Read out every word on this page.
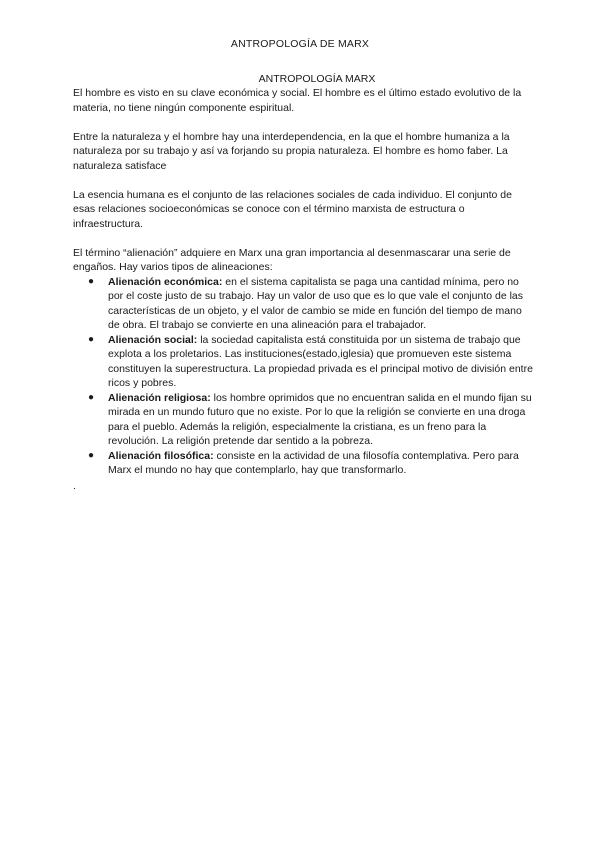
ANTROPOLOGÍA DE MARX
ANTROPOLOGÍA MARX

El hombre es visto en su clave económica y social. El hombre es el último estado evolutivo de la materia, no tiene ningún componente espiritual.

Entre la naturaleza y el hombre hay una interdependencia, en la que el hombre humaniza a la naturaleza por su trabajo y así va forjando su propia naturaleza. El hombre es homo faber. La naturaleza satisface

La esencia humana es el conjunto de las relaciones sociales de cada individuo. El conjunto de esas relaciones socioeconómicas se conoce con el término marxista de estructura o infraestructura.

El término “alienación” adquiere en Marx una gran importancia al desenmascarar una serie de engaños. Hay varios tipos de alineaciones:

● Alienación económica: en el sistema capitalista se paga una cantidad mínima, pero no por el coste justo de su trabajo. Hay un valor de uso que es lo que vale el conjunto de las características de un objeto, y el valor de cambio se mide en función del tiempo de mano de obra. El trabajo se convierte en una alineación para el trabajador.
● Alienación social: la sociedad capitalista está constituida por un sistema de trabajo que explota a los proletarios. Las instituciones(estado,iglesia) que promueven este sistema constituyen la superestructura. La propiedad privada es el principal motivo de división entre ricos y pobres.
● Alienación religiosa: los hombre oprimidos que no encuentran salida en el mundo fijan su mirada en un mundo futuro que no existe. Por lo que la religión se convierte en una droga para el pueblo. Además la religión, especialmente la cristiana, es un freno para la revolución. La religión pretende dar sentido a la pobreza.
● Alienación filosófica: consiste en la actividad de una filosofía contemplativa. Pero para Marx el mundo no hay que contemplarlo, hay que transformarlo.
.
